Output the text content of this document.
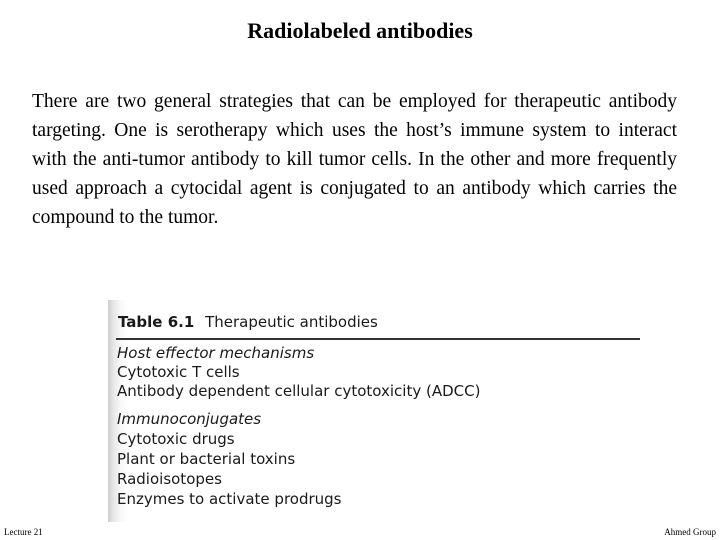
Radiolabeled antibodies

There are two general strategies that can be employed for therapeutic antibody targeting. One is serotherapy which uses the host’s immune system to interact with the anti-tumor antibody to kill tumor cells. In the other and more frequently used approach a cytocidal agent is conjugated to an antibody which carries the compound to the tumor.

Table 6.1 Therapeutic antibodies
Host effector mechanisms
Cytotoxic T cells
Antibody dependent cellular cytotoxicity (ADCC)
Immunoconjugates
Cytotoxic drugs
Plant or bacterial toxins
Radioisotopes
Enzymes to activate prodrugs
Lecture 21	Ahmed Group
